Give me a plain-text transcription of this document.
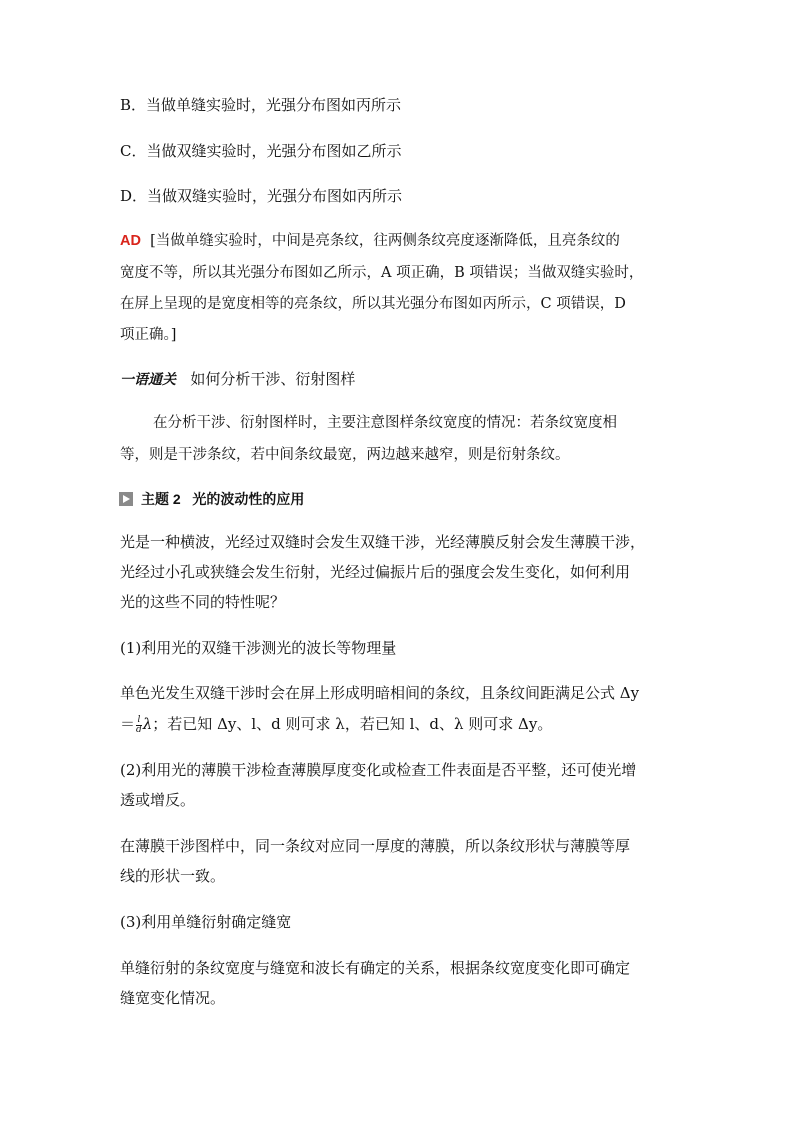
B．当做单缝实验时，光强分布图如丙所示
C．当做双缝实验时，光强分布图如乙所示
D．当做双缝实验时，光强分布图如丙所示
AD [当做单缝实验时，中间是亮条纹，往两侧条纹亮度逐渐降低，且亮条纹的
宽度不等，所以其光强分布图如乙所示，A 项正确，B 项错误；当做双缝实验时，
在屏上呈现的是宽度相等的亮条纹，所以其光强分布图如丙所示，C 项错误，D
项正确。]
一语通关 如何分析干涉、衍射图样
在分析干涉、衍射图样时，主要注意图样条纹宽度的情况：若条纹宽度相
等，则是干涉条纹，若中间条纹最宽，两边越来越窄，则是衍射条纹。
主题 2 光的波动性的应用
光是一种横波，光经过双缝时会发生双缝干涉，光经薄膜反射会发生薄膜干涉，
光经过小孔或狭缝会发生衍射，光经过偏振片后的强度会发生变化，如何利用
光的这些不同的特性呢？
(1)利用光的双缝干涉测光的波长等物理量
单色光发生双缝干涉时会在屏上形成明暗相间的条纹，且条纹间距满足公式 Δy
＝ $\frac{l}{d}$ λ；若已知 Δy、l、d 则可求 λ，若已知 l、d、λ 则可求 Δy。
(2)利用光的薄膜干涉检查薄膜厚度变化或检查工件表面是否平整，还可使光增
透或增反。
在薄膜干涉图样中，同一条纹对应同一厚度的薄膜，所以条纹形状与薄膜等厚
线的形状一致。
(3)利用单缝衍射确定缝宽
单缝衍射的条纹宽度与缝宽和波长有确定的关系，根据条纹宽度变化即可确定
缝宽变化情况。
